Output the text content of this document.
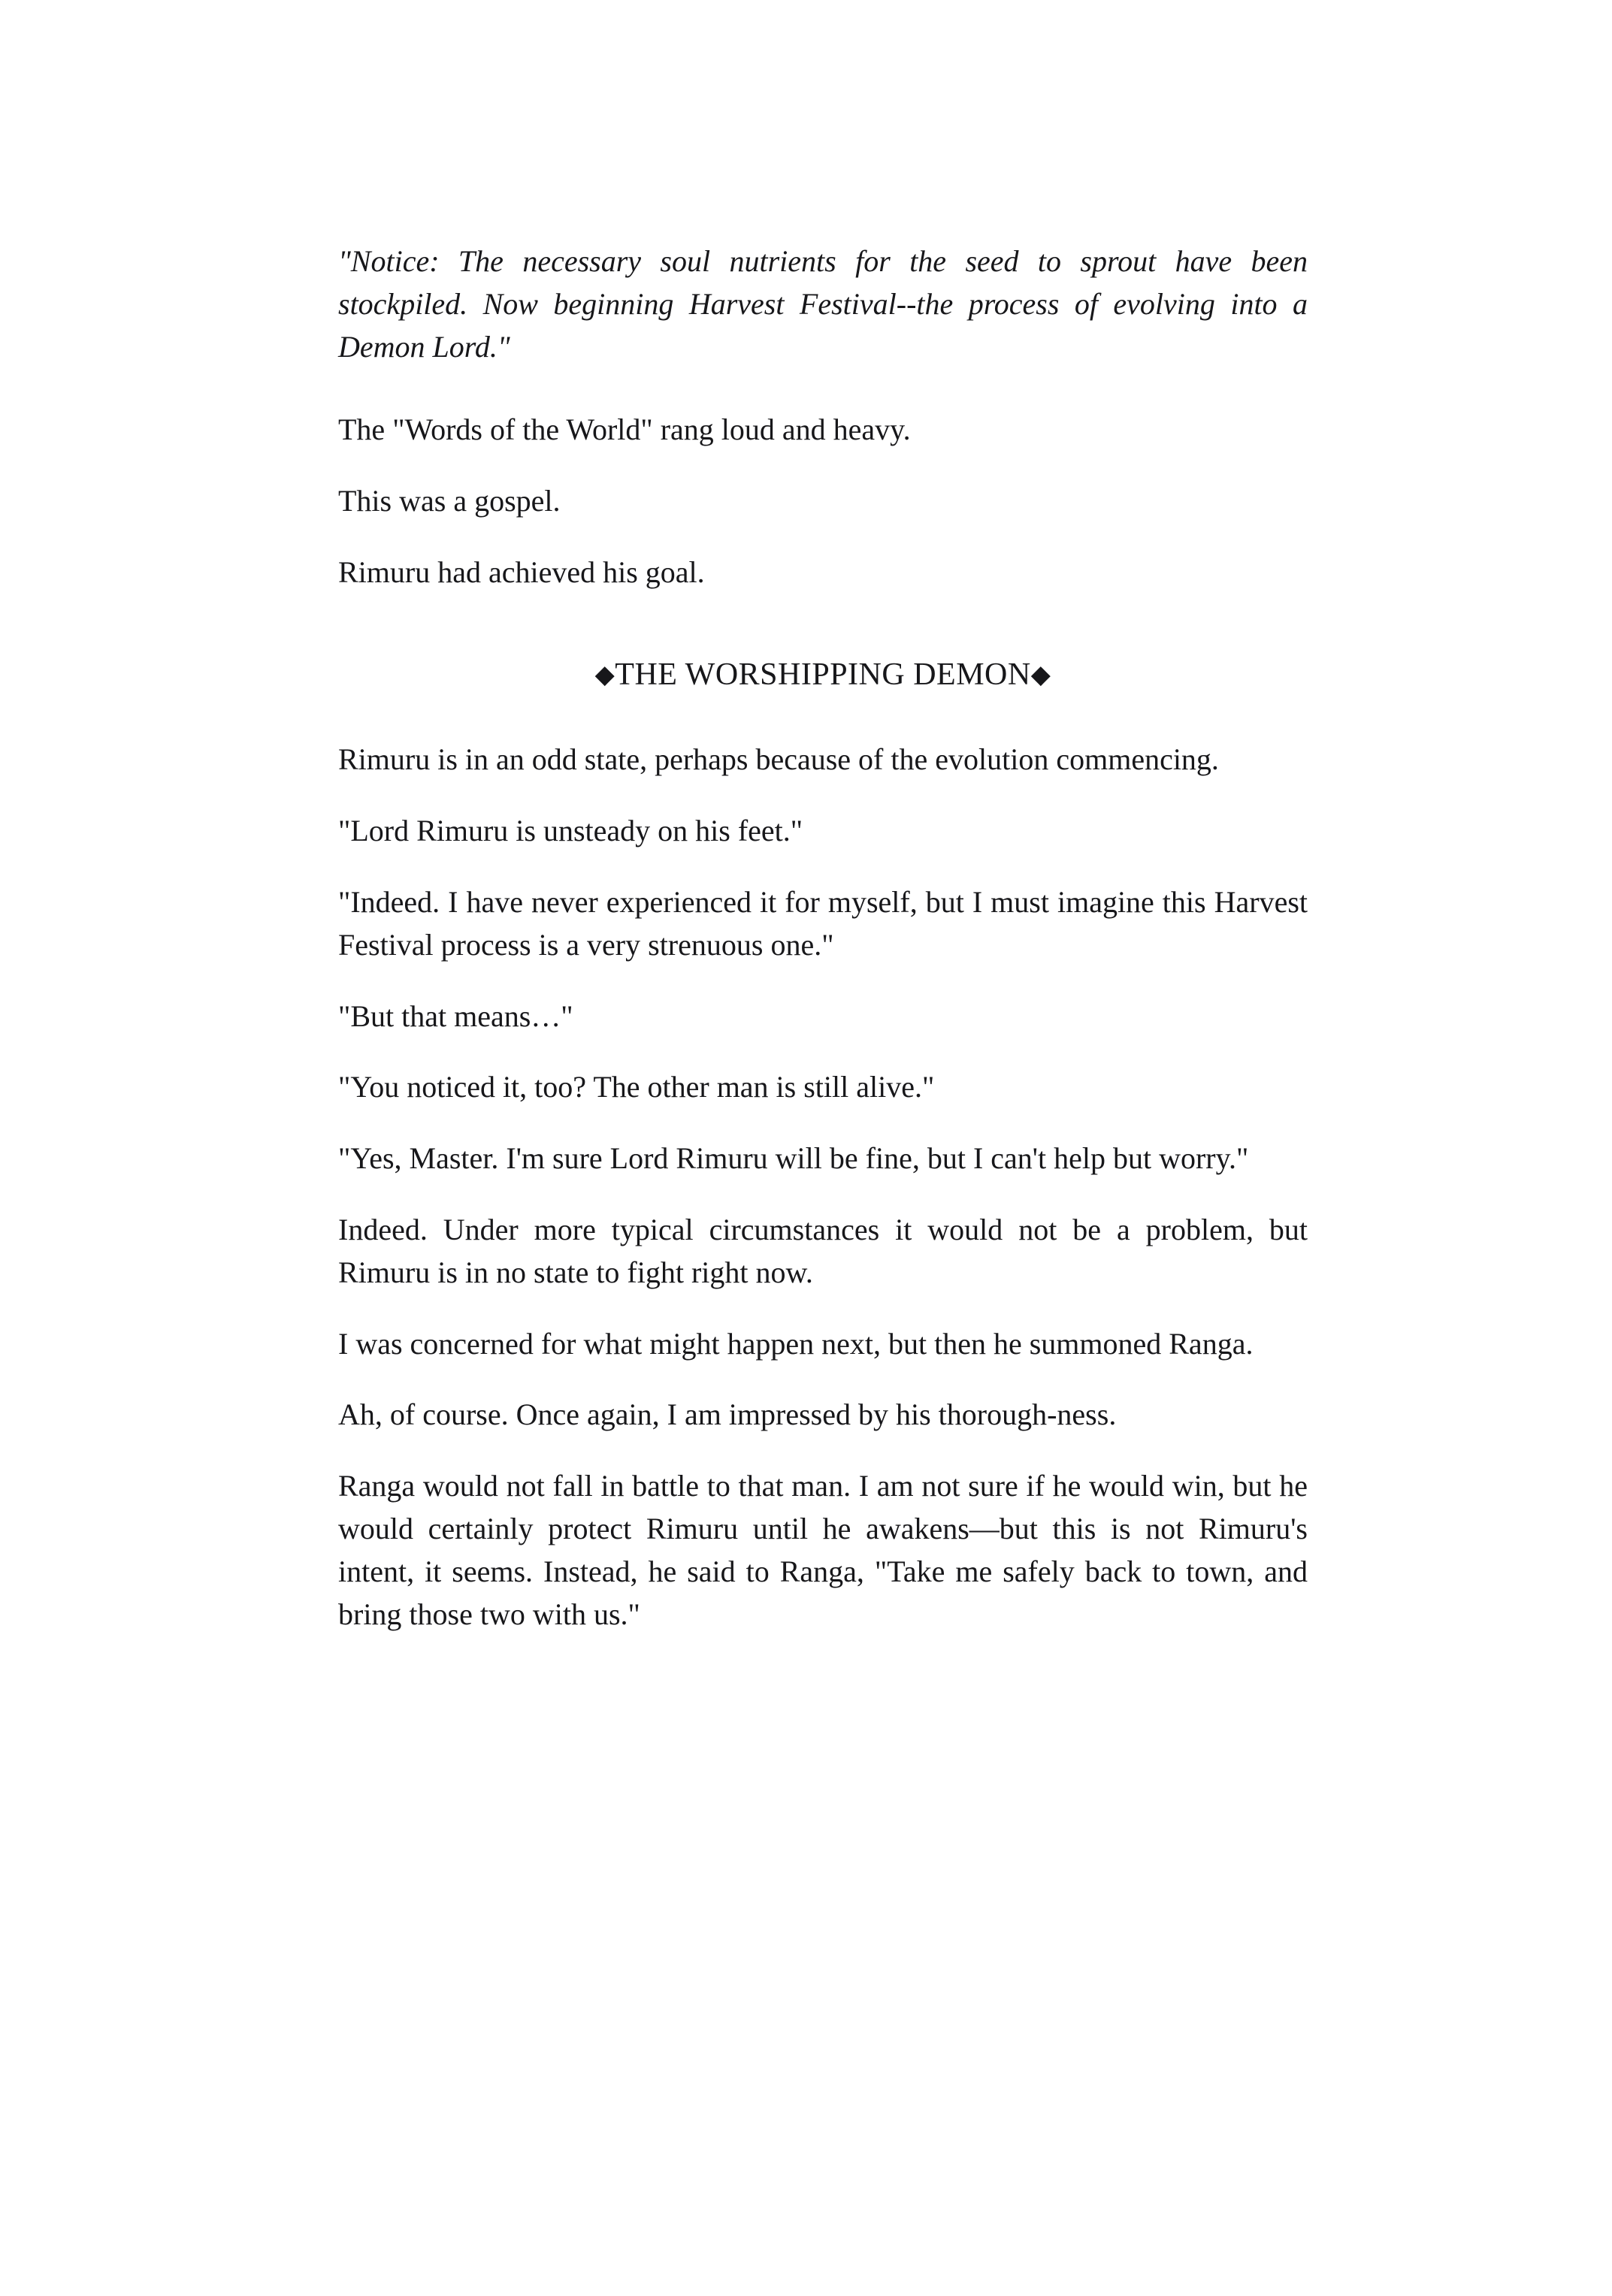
"Notice: The necessary soul nutrients for the seed to sprout have been stockpiled. Now beginning Harvest Festival--the process of evolving into a Demon Lord."

The "Words of the World" rang loud and heavy.

This was a gospel.

Rimuru had achieved his goal.

◆THE WORSHIPPING DEMON◆

Rimuru is in an odd state, perhaps because of the evolution commencing.

"Lord Rimuru is unsteady on his feet."

"Indeed. I have never experienced it for myself, but I must imagine this Harvest Festival process is a very strenuous one."

"But that means…"

"You noticed it, too? The other man is still alive."

"Yes, Master. I'm sure Lord Rimuru will be fine, but I can't help but worry."

Indeed. Under more typical circumstances it would not be a problem, but Rimuru is in no state to fight right now.

I was concerned for what might happen next, but then he summoned Ranga.

Ah, of course. Once again, I am impressed by his thorough-ness.

Ranga would not fall in battle to that man. I am not sure if he would win, but he would certainly protect Rimuru until he awakens—but this is not Rimuru's intent, it seems. Instead, he said to Ranga, "Take me safely back to town, and bring those two with us."
